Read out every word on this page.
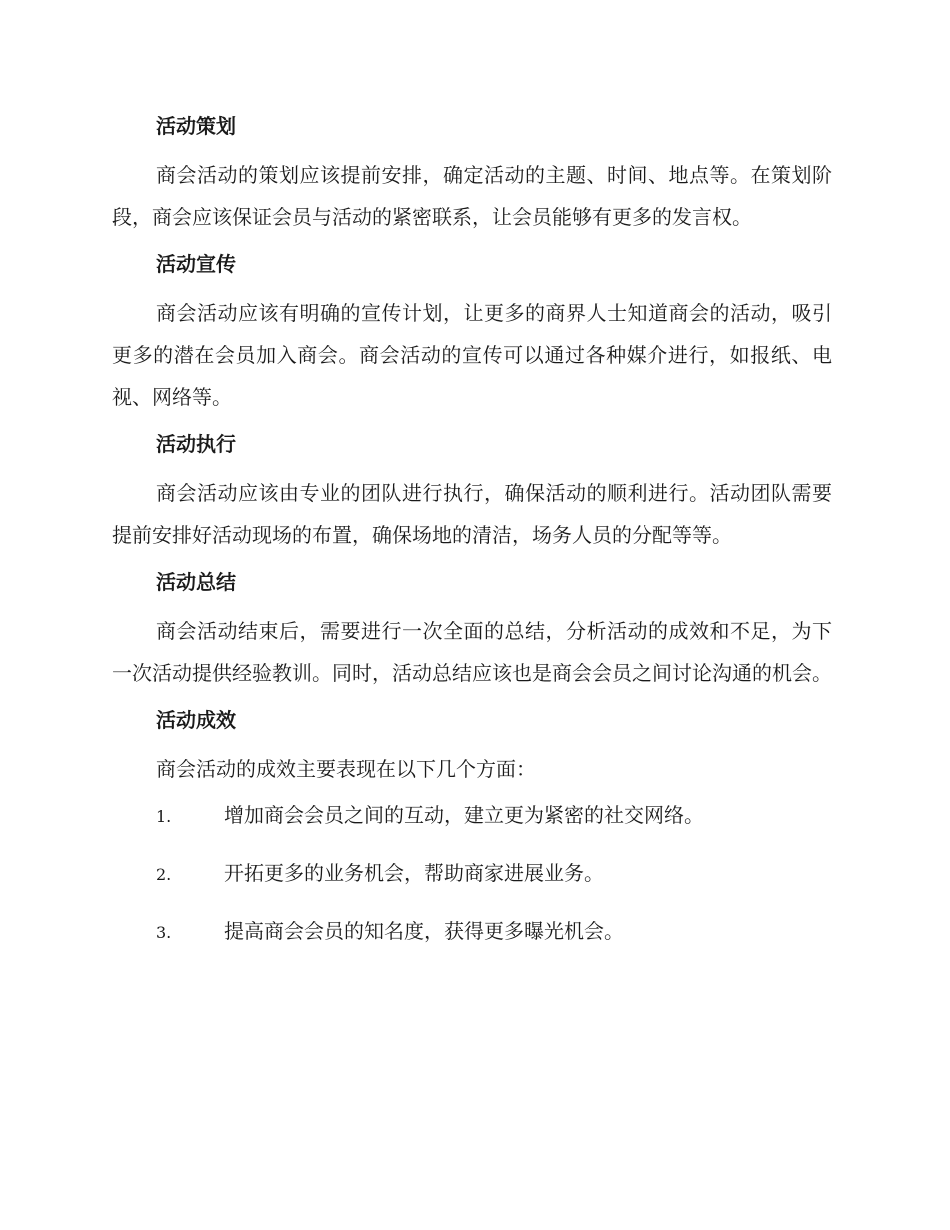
活动策划

商会活动的策划应该提前安排，确定活动的主题、时间、地点等。在策划阶段，商会应该保证会员与活动的紧密联系，让会员能够有更多的发言权。

活动宣传

商会活动应该有明确的宣传计划，让更多的商界人士知道商会的活动，吸引更多的潜在会员加入商会。商会活动的宣传可以通过各种媒介进行，如报纸、电视、网络等。

活动执行

商会活动应该由专业的团队进行执行，确保活动的顺利进行。活动团队需要提前安排好活动现场的布置，确保场地的清洁，场务人员的分配等等。

活动总结

商会活动结束后，需要进行一次全面的总结，分析活动的成效和不足，为下一次活动提供经验教训。同时，活动总结应该也是商会会员之间讨论沟通的机会。

活动成效

商会活动的成效主要表现在以下几个方面：

1.	增加商会会员之间的互动，建立更为紧密的社交网络。
2.	开拓更多的业务机会，帮助商家进展业务。
3.	提高商会会员的知名度，获得更多曝光机会。
